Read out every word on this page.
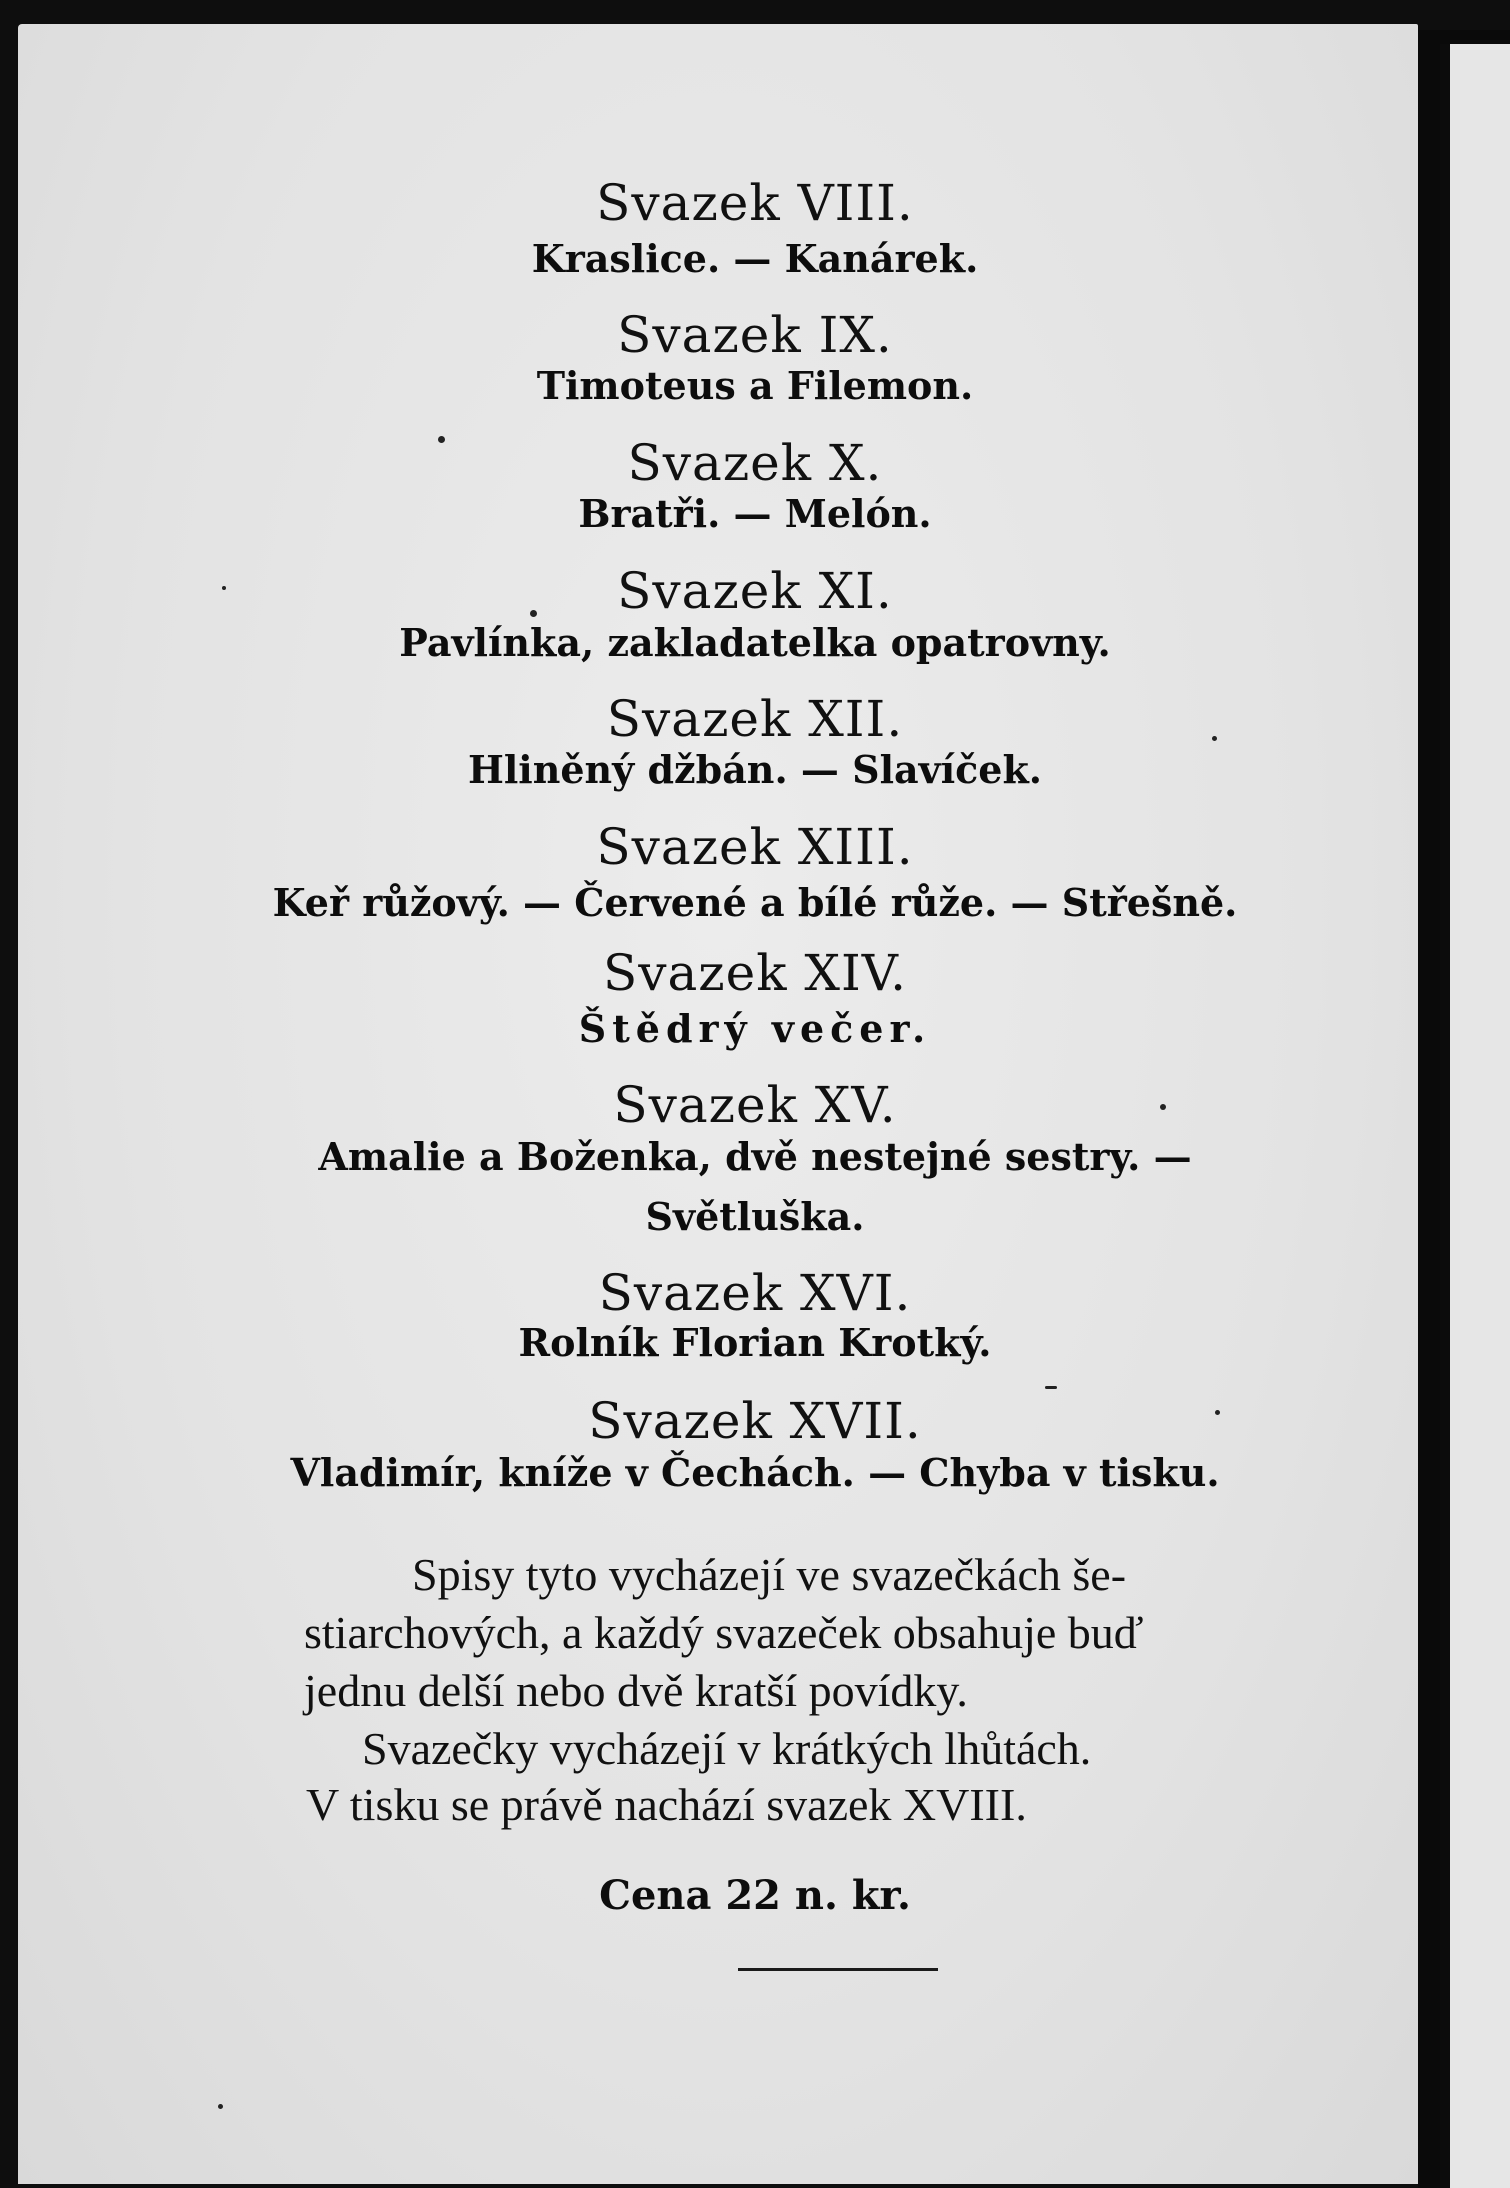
Svazek VIII.
Kraslice. — Kanárek.
Svazek IX.
Timoteus a Filemon.
Svazek X.
Bratři. — Melón.
Svazek XI.
Pavlínka, zakladatelka opatrovny.
Svazek XII.
Hliněný džbán. — Slavíček.
Svazek XIII.
Keř růžový. — Červené a bílé růže. — Střešně.
Svazek XIV.
Štědrý večer.
Svazek XV.
Amalie a Boženka, dvě nestejné sestry. —
Světluška.
Svazek XVI.
Rolník Florian Krotký.
Svazek XVII.
Vladimír, kníže v Čechách. — Chyba v tisku.
Spisy tyto vycházejí ve svazečkách še-
stiarchových, a každý svazeček obsahuje buď
jednu delší nebo dvě kratší povídky.
Svazečky vycházejí v krátkých lhůtách.
V tisku se právě nachází svazek XVIII.
Cena 22 n. kr.
